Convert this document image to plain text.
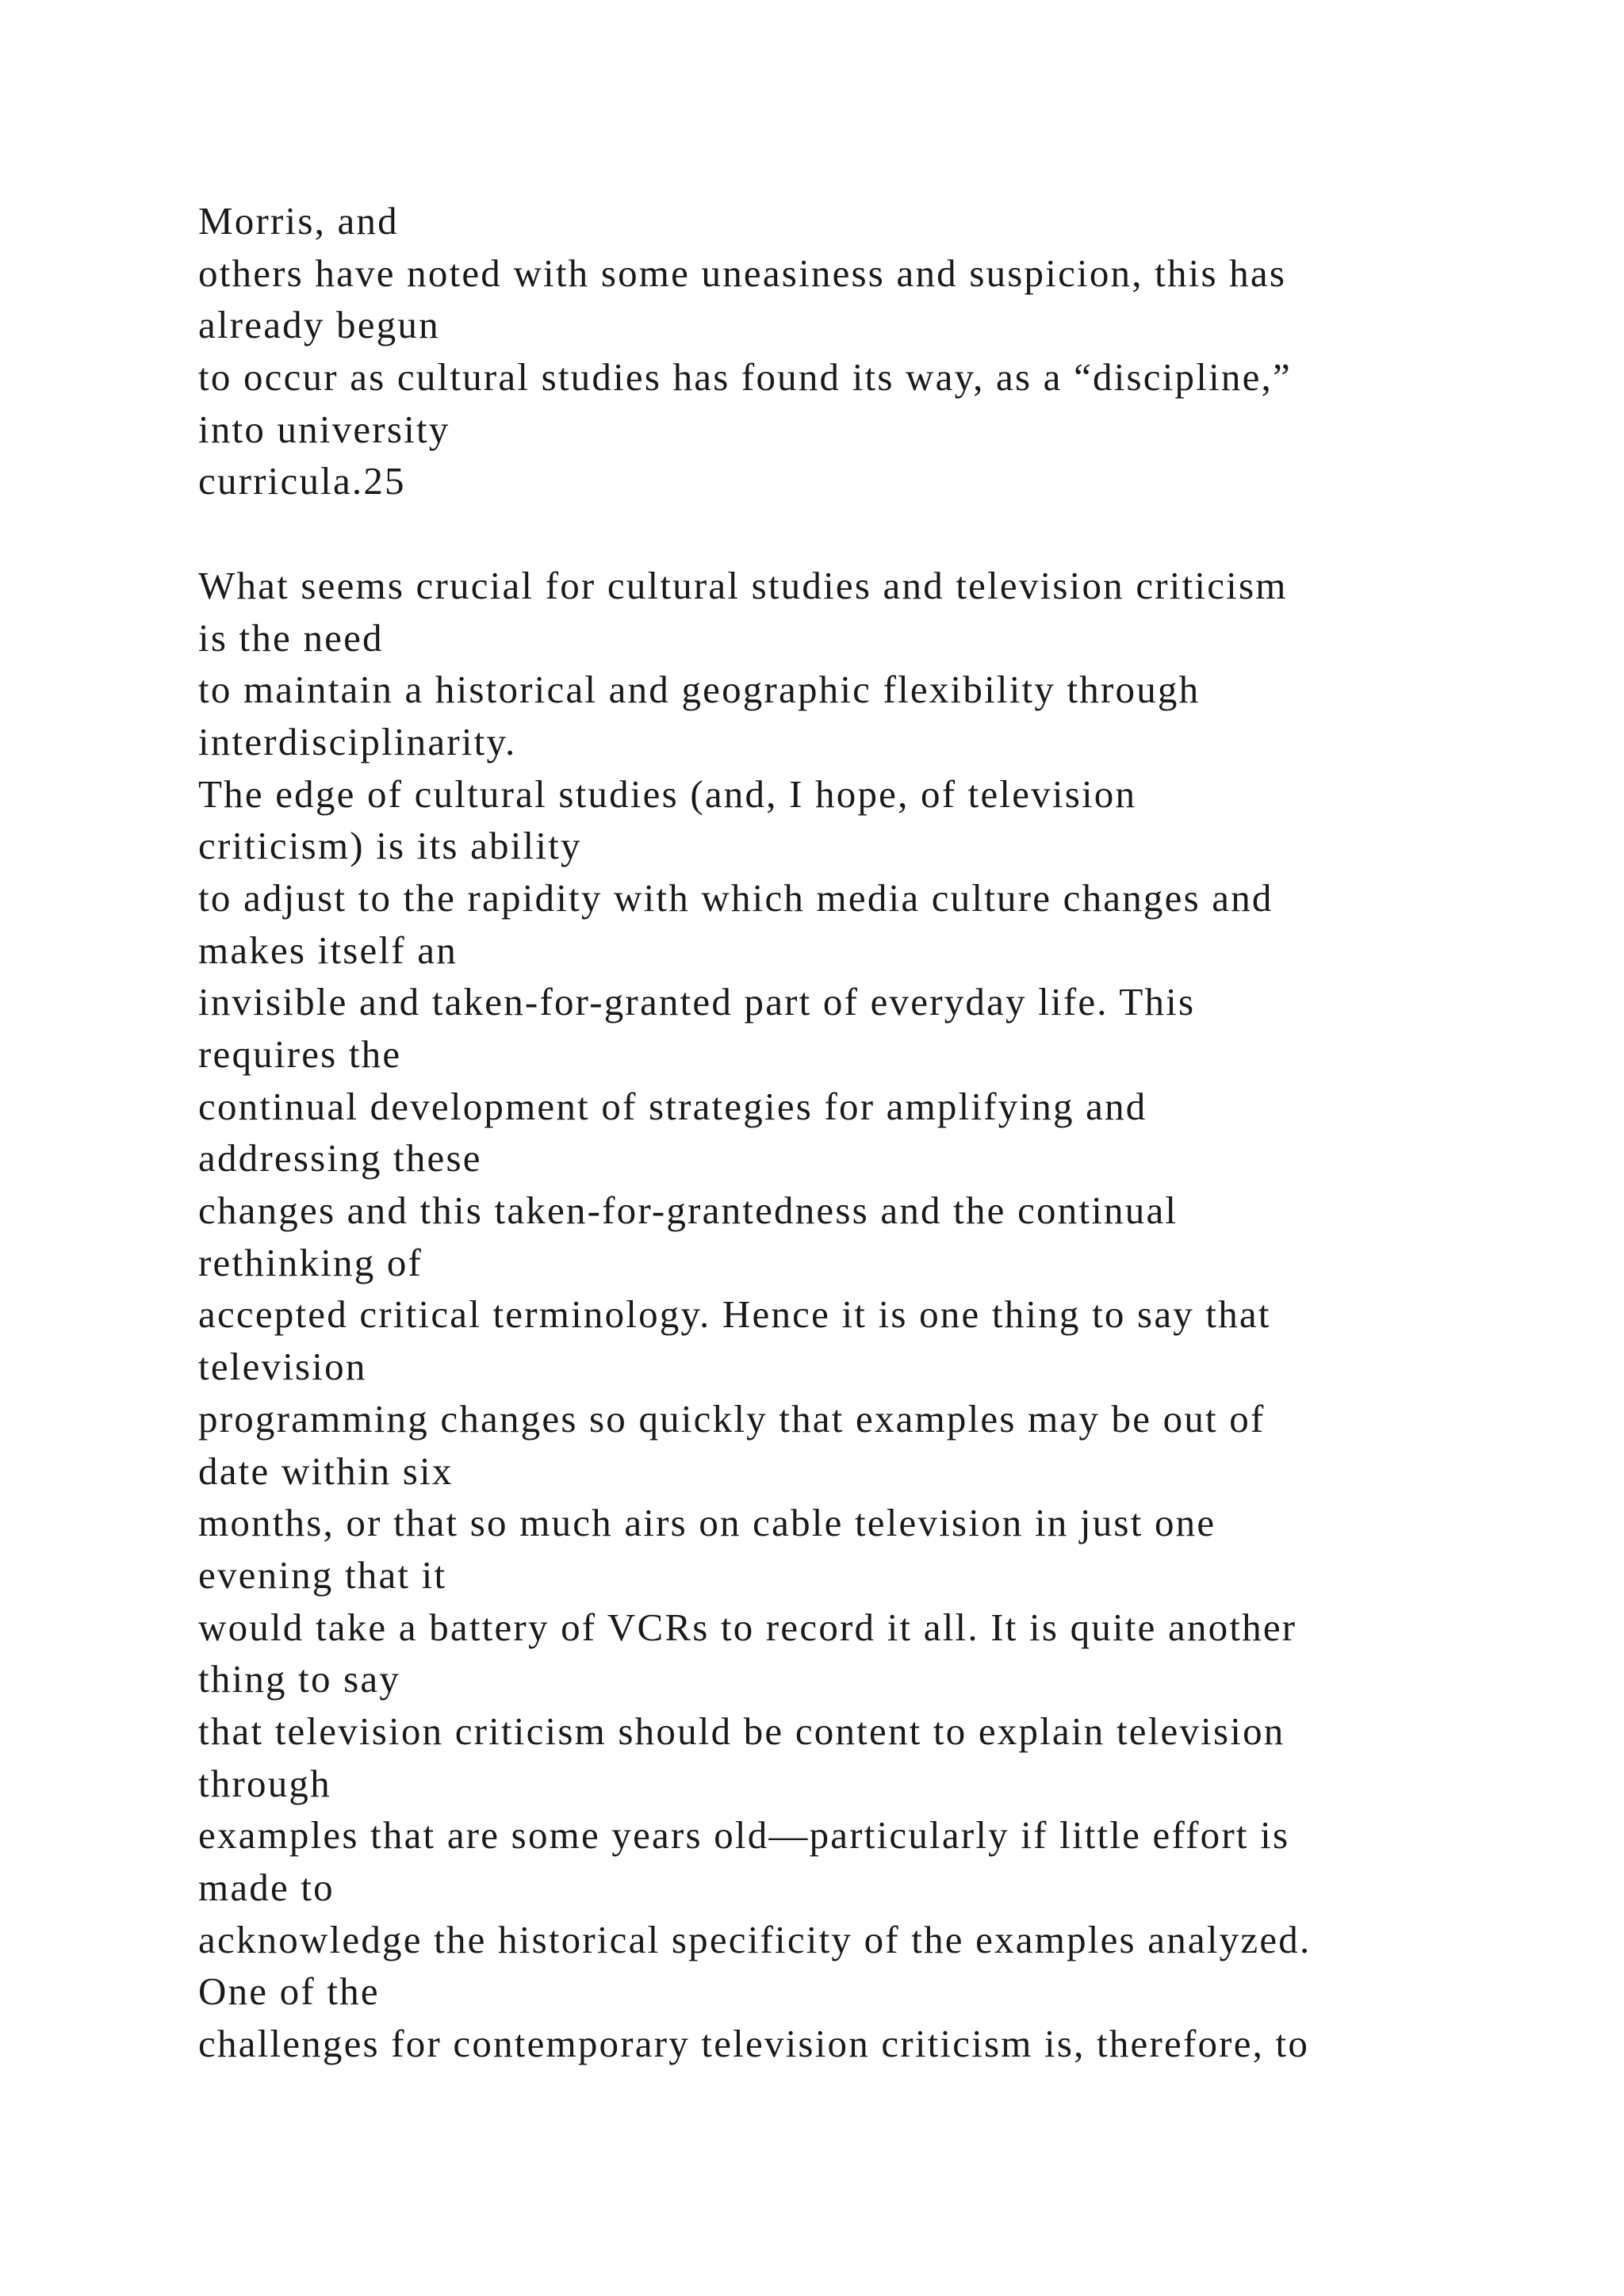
Morris, and
others have noted with some uneasiness and suspicion, this has
already begun
to occur as cultural studies has found its way, as a “discipline,”
into university
curricula.25
What seems crucial for cultural studies and television criticism
is the need
to maintain a historical and geographic flexibility through
interdisciplinarity.
The edge of cultural studies (and, I hope, of television
criticism) is its ability
to adjust to the rapidity with which media culture changes and
makes itself an
invisible and taken-for-granted part of everyday life. This
requires the
continual development of strategies for amplifying and
addressing these
changes and this taken-for-grantedness and the continual
rethinking of
accepted critical terminology. Hence it is one thing to say that
television
programming changes so quickly that examples may be out of
date within six
months, or that so much airs on cable television in just one
evening that it
would take a battery of VCRs to record it all. It is quite another
thing to say
that television criticism should be content to explain television
through
examples that are some years old—particularly if little effort is
made to
acknowledge the historical specificity of the examples analyzed.
One of the
challenges for contemporary television criticism is, therefore, to
